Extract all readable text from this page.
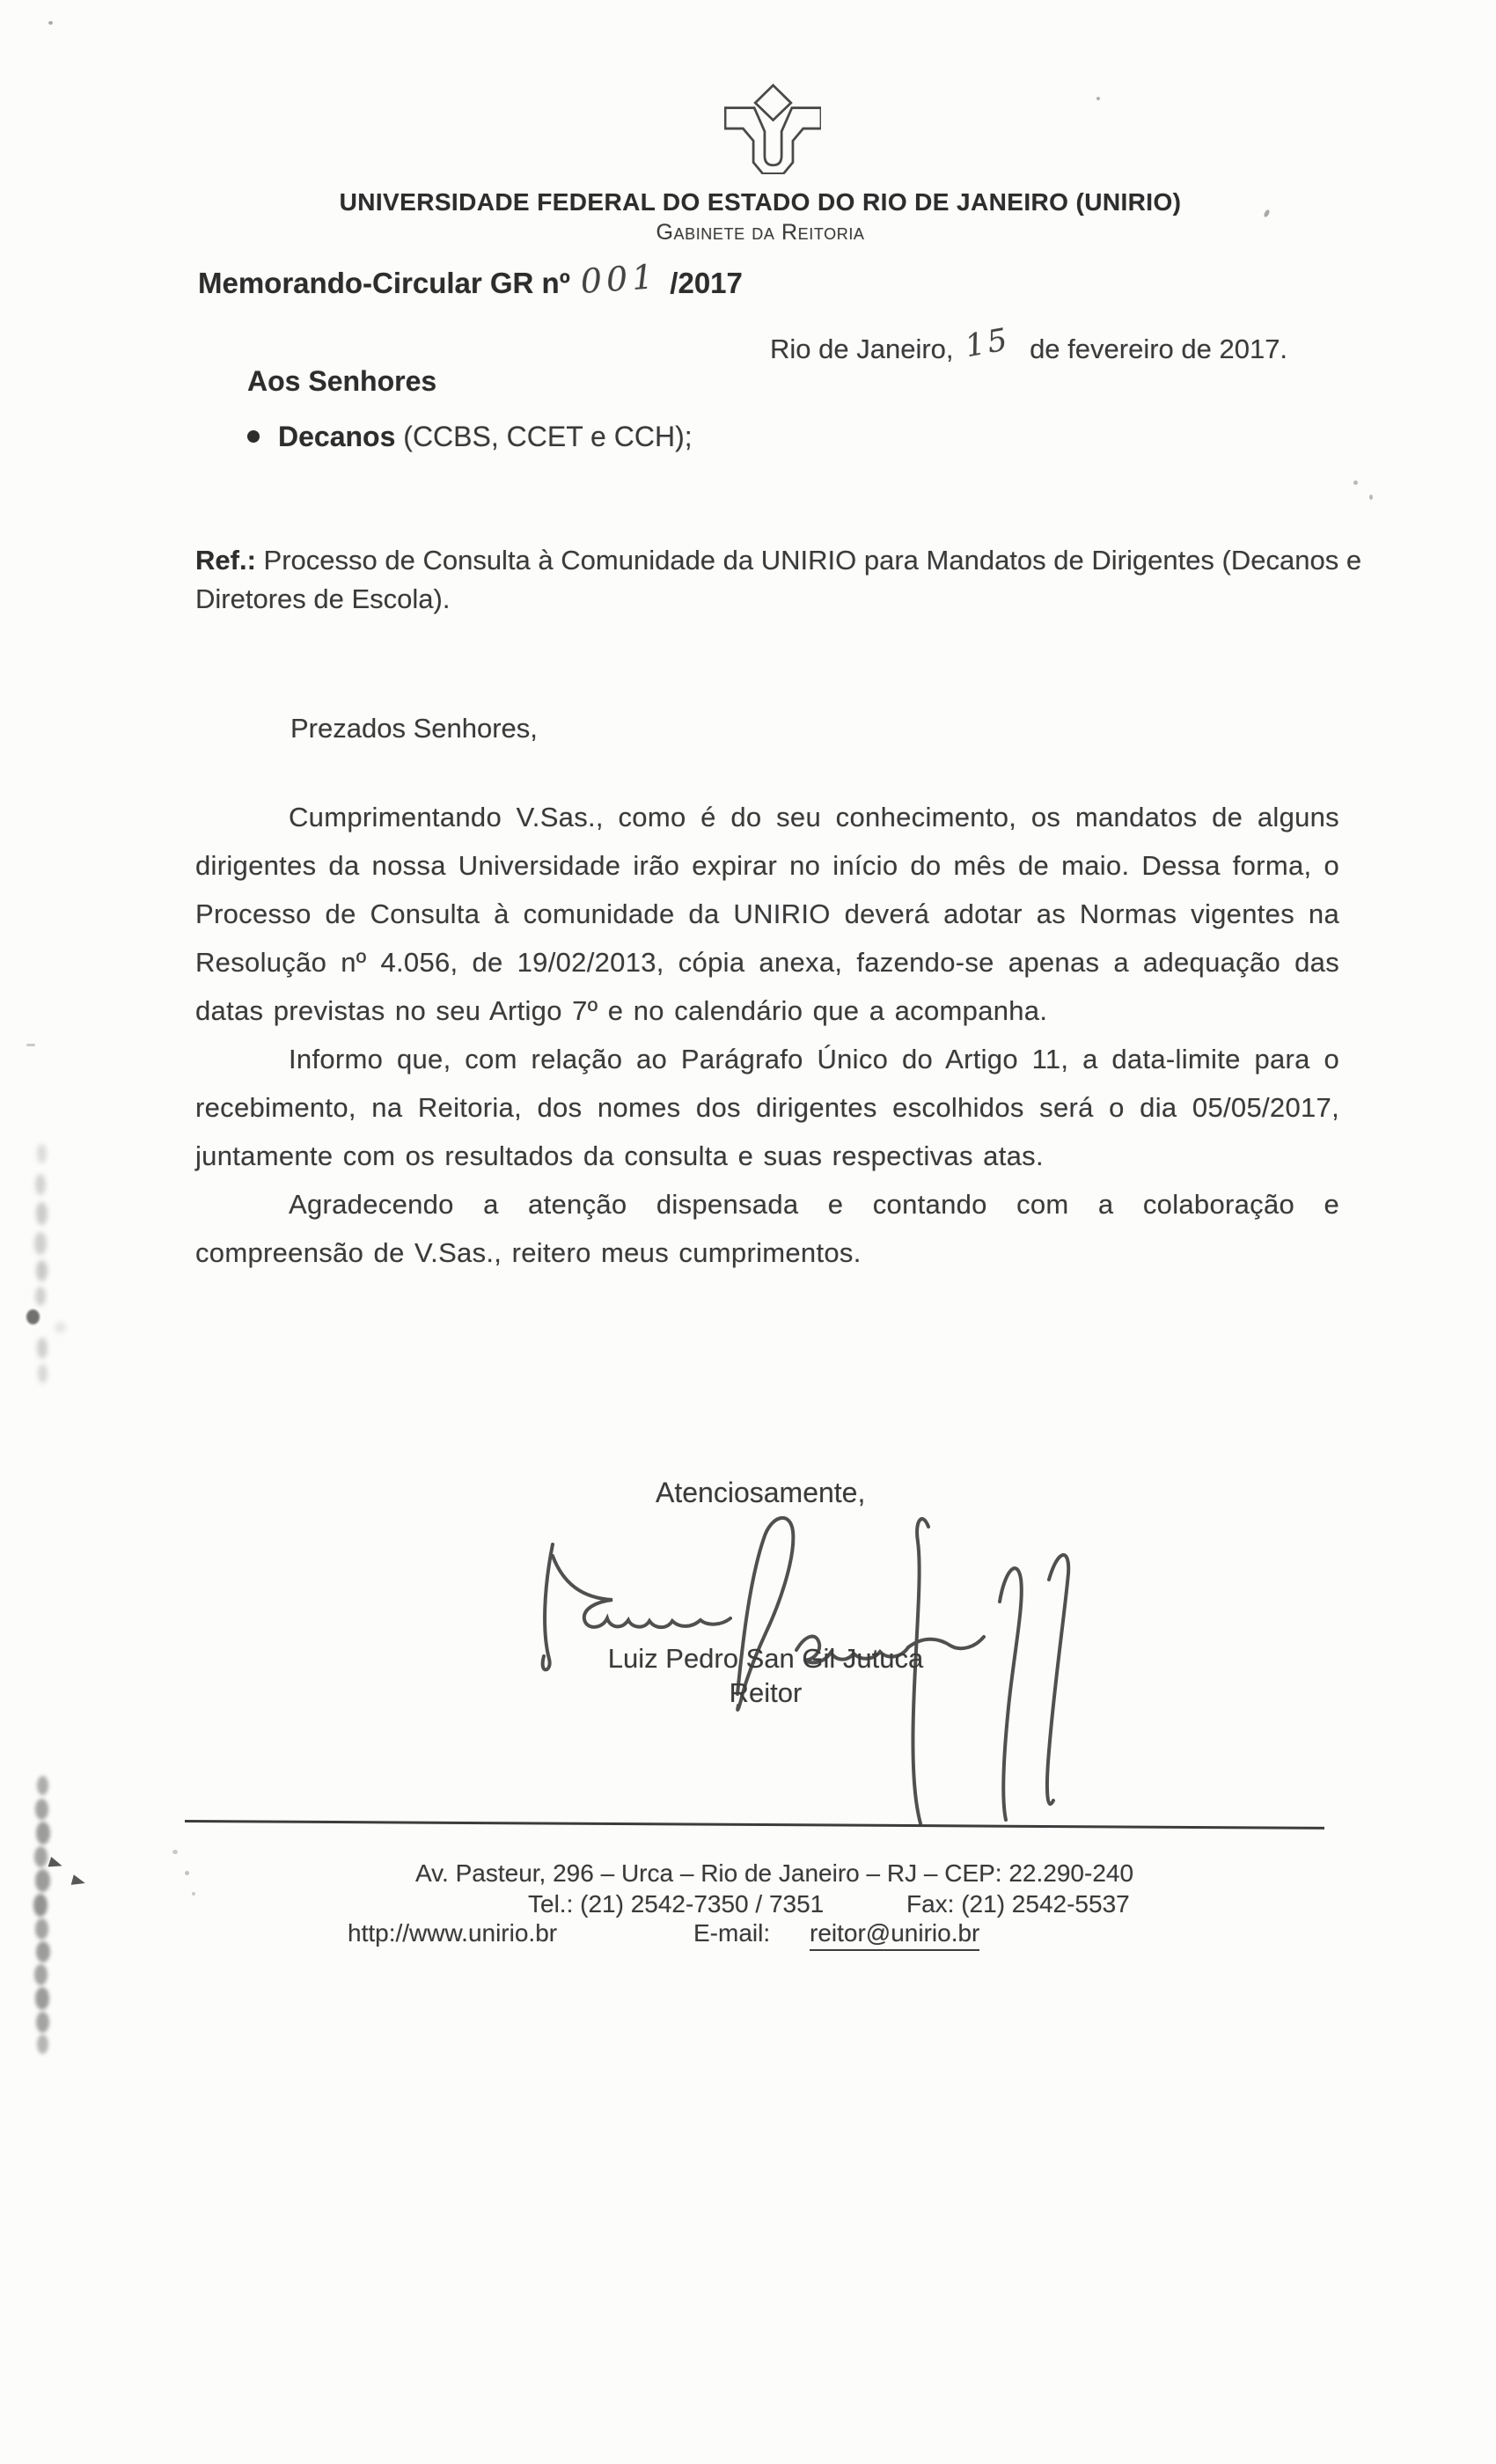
UNIVERSIDADE FEDERAL DO ESTADO DO RIO DE JANEIRO (UNIRIO)
Gabinete da Reitoria
Memorando-Circular GR nº 001 /2017
Rio de Janeiro, 15 de fevereiro de 2017.
Aos Senhores
Decanos (CCBS, CCET e CCH);

Ref.: Processo de Consulta à Comunidade da UNIRIO para Mandatos de Dirigentes (Decanos e Diretores de Escola).

Prezados Senhores,

Cumprimentando V.Sas., como é do seu conhecimento, os mandatos de alguns dirigentes da nossa Universidade irão expirar no início do mês de maio. Dessa forma, o Processo de Consulta à comunidade da UNIRIO deverá adotar as Normas vigentes na Resolução nº 4.056, de 19/02/2013, cópia anexa, fazendo-se apenas a adequação das datas previstas no seu Artigo 7º e no calendário que a acompanha.

Informo que, com relação ao Parágrafo Único do Artigo 11, a data-limite para o recebimento, na Reitoria, dos nomes dos dirigentes escolhidos será o dia 05/05/2017, juntamente com os resultados da consulta e suas respectivas atas.

Agradecendo a atenção dispensada e contando com a colaboração e compreensão de V.Sas., reitero meus cumprimentos.

Atenciosamente,

Luiz Pedro San Gil Jutuca

Reitor

Av. Pasteur, 296 – Urca – Rio de Janeiro – RJ – CEP: 22.290-240

Tel.: (21) 2542-7350 / 7351	Fax: (21) 2542-5537

http://www.unirio.br	E-mail: reitor@unirio.br
